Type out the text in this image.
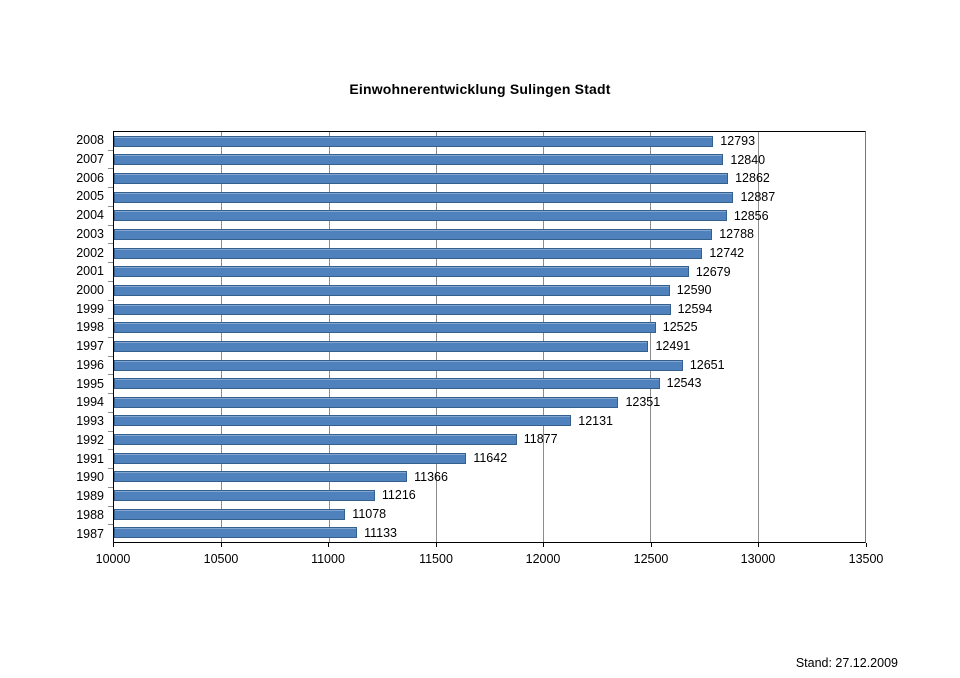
Einwohnerentwicklung Sulingen Stadt
12793
12840
12862
12887
12856
12788
12742
12679
12590
12594
12525
12491
12651
12543
12351
12131
11877
11642
11366
11216
11078
11133
2008
2007
2006
2005
2004
2003
2002
2001
2000
1999
1998
1997
1996
1995
1994
1993
1992
1991
1990
1989
1988
1987
Stand: 27.12.2009
10000	10500	11000	11500	12000	12500	13000	13500
